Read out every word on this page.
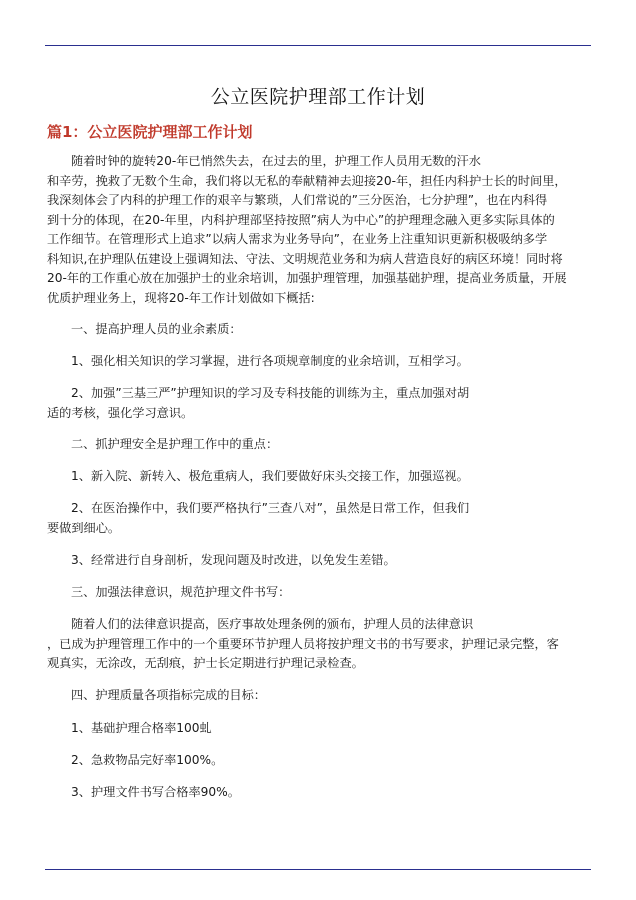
公立医院护理部工作计划
篇1：公立医院护理部工作计划
随着时钟的旋转20-年已悄然失去，在过去的里，护理工作人员用无数的汗水
和辛劳，挽救了无数个生命，我们将以无私的奉献精神去迎接20-年，担任内科护士长的时间里，
我深刻体会了内科的护理工作的艰辛与繁琐，人们常说的”三分医治，七分护理”，也在内科得
到十分的体现，在20-年里，内科护理部坚持按照”病人为中心”的护理理念融入更多实际具体的
工作细节。在管理形式上追求”以病人需求为业务导向”，在业务上注重知识更新积极吸纳多学
科知识,在护理队伍建设上强调知法、守法、文明规范业务和为病人营造良好的病区环境！同时将
20-年的工作重心放在加强护士的业余培训，加强护理管理，加强基础护理，提高业务质量，开展
优质护理业务上，现将20-年工作计划做如下概括:
一、提高护理人员的业余素质：
1、强化相关知识的学习掌握，进行各项规章制度的业余培训，互相学习。
2、加强”三基三严”护理知识的学习及专科技能的训练为主，重点加强对胡
适的考核，强化学习意识。
二、抓护理安全是护理工作中的重点：
1、新入院、新转入、极危重病人，我们要做好床头交接工作，加强巡视。
2、在医治操作中，我们要严格执行”三查八对”，虽然是日常工作，但我们
要做到细心。
3、经常进行自身剖析，发现问题及时改进，以免发生差错。
三、加强法律意识，规范护理文件书写：
随着人们的法律意识提高，医疗事故处理条例的颁布，护理人员的法律意识
，已成为护理管理工作中的一个重要环节护理人员将按护理文书的书写要求，护理记录完整，客
观真实，无涂改，无刮痕，护士长定期进行护理记录检查。
四、护理质量各项指标完成的目标：
1、基础护理合格率100虬
2、急救物品完好率100%。
3、护理文件书写合格率90%。
